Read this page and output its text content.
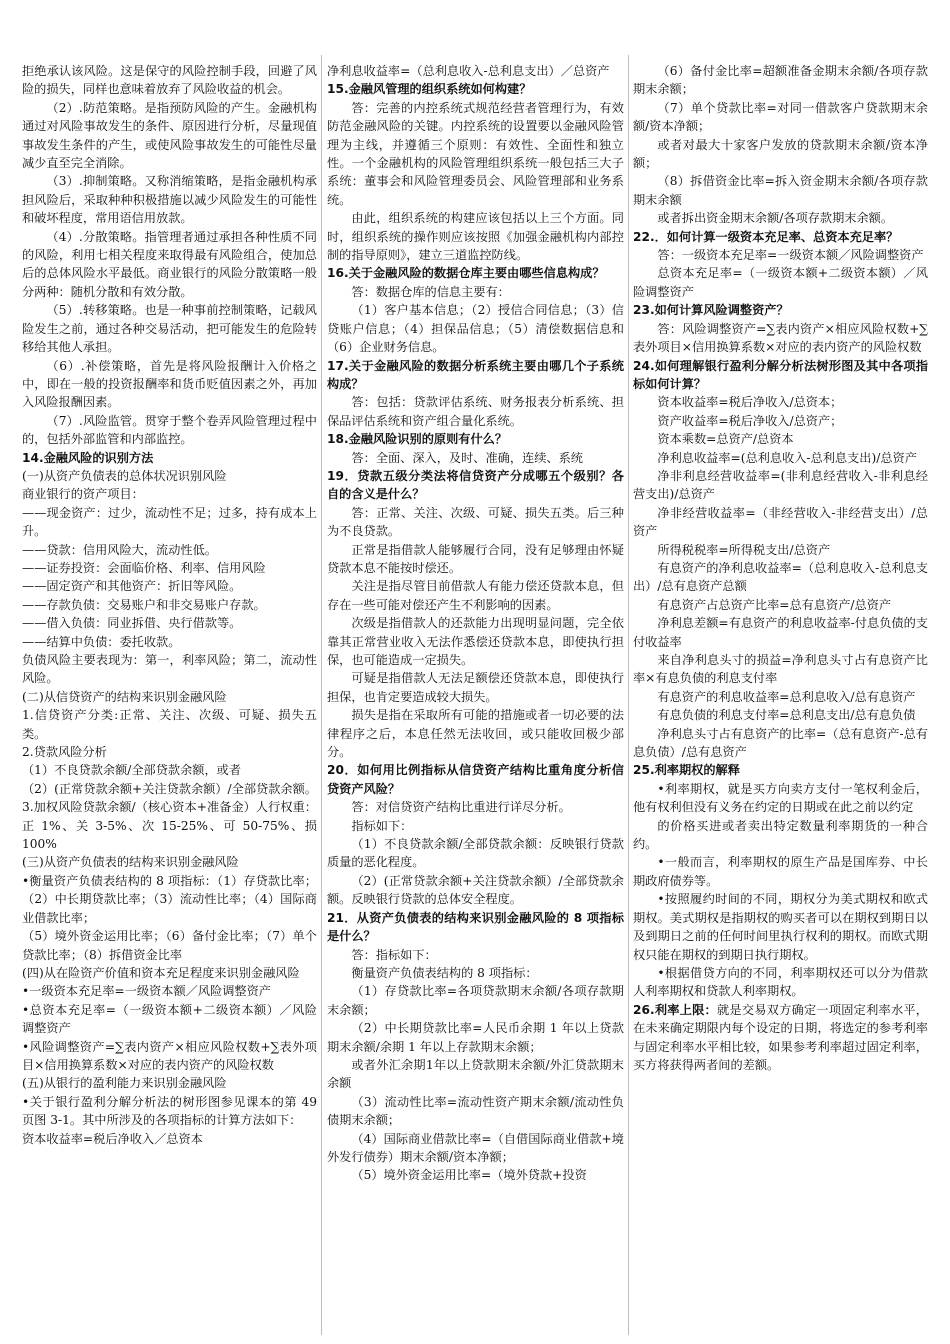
拒绝承认该风险。这是保守的风险控制手段，回避了风险的损失，同样也意味着放弃了风险收益的机会。
（2）.防范策略。是指预防风险的产生。金融机构通过对风险事故发生的条件、原因进行分析，尽量现值事故发生条件的产生，或使风险事故发生的可能性尽量减少直至完全消除。
（3）.抑制策略。又称消缩策略，是指金融机构承担风险后，采取种种积极措施以减少风险发生的可能性和破坏程度，常用语信用放款。
（4）.分散策略。指管理者通过承担各种性质不同的风险，利用七相关程度来取得最有风险组合，使加总后的总体风险水平最低。商业银行的风险分散策略一般分两种：随机分散和有效分散。
（5）.转移策略。也是一种事前控制策略，记载风险发生之前，通过各种交易活动，把可能发生的危险转移给其他人承担。
（6）.补偿策略，首先是将风险报酬计入价格之中，即在一般的投资报酬率和货币贬值因素之外，再加入风险报酬因素。
（7）.风险监管。贯穿于整个卷弄风险管理过程中的，包括外部监管和内部监控。
14.金融风险的识别方法
(一)从资产负债表的总体状况识别风险
商业银行的资产项目：
——现金资产：过少，流动性不足；过多，持有成本上升。
——贷款：信用风险大，流动性低。
——证券投资：会面临价格、利率、信用风险
——固定资产和其他资产：折旧等风险。
——存款负债：交易账户和非交易账户存款。
——借入负债：同业拆借、央行借款等。
——结算中负债：委托收款。
负债风险主要表现为：第一，利率风险；第二，流动性风险。
(二)从信贷资产的结构来识别金融风险
1.信贷资产分类:正常、关注、次级、可疑、损失五类。
2.贷款风险分析
（1）不良贷款余额/全部贷款余额，或者
（2）(正常贷款余额+关注贷款余额）/全部贷款余额。
3.加权风险贷款余额/（核心资本+准备金）人行权重：正 1%、关 3-5%、次 15-25%、可 50-75%、损 100%
(三)从资产负债表的结构来识别金融风险
•衡量资产负债表结构的 8 项指标：（1）存贷款比率；（2）中长期贷款比率；（3）流动性比率；（4）国际商业借款比率；
（5）境外资金运用比率；（6）备付金比率；（7）单个贷款比率；（8）拆借资金比率
(四)从在险资产价值和资本充足程度来识别金融风险
•一级资本充足率=一级资本额／风险调整资产
•总资本充足率=（一级资本额+二级资本额）／风险调整资产
•风险调整资产=∑表内资产×相应风险权数+∑表外项目×信用换算系数×对应的表内资产的风险权数
(五)从银行的盈利能力来识别金融风险
•关于银行盈利分解分析法的树形图参见课本的第 49 页图 3-1。其中所涉及的各项指标的计算方法如下：
资本收益率=税后净收入／总资本
净利息收益率=（总利息收入-总利息支出）／总资产
15.金融风管理的组织系统如何构建？
答：完善的内控系统式规范经营者管理行为，有效防范金融风险的关键。内控系统的设置要以金融风险管理为主线，并遵循三个原则：有效性、全面性和独立性。一个金融机构的风险管理组织系统一般包括三大子系统：董事会和风险管理委员会、风险管理部和业务系统。
由此，组织系统的构建应该包括以上三个方面。同时，组织系统的操作则应该按照《加强金融机构内部控制的指导原则》，建立三道监控防线。
16.关于金融风险的数据仓库主要由哪些信息构成？
答：数据仓库的信息主要有：
（1）客户基本信息；（2）授信合同信息；（3）信贷账户信息；（4）担保品信息；（5）清偿数据信息和（6）企业财务信息。
17.关于金融风险的数据分析系统主要由哪几个子系统构成？
答：包括：贷款评估系统、财务报表分析系统、担保品评估系统和资产组合量化系统。
18.金融风险识别的原则有什么？
答：全面、深入，及时、准确，连续、系统
19．贷款五级分类法将信贷资产分成哪五个级别？各自的含义是什么？
答：正常、关注、次级、可疑、损失五类。后三种为不良贷款。
正常是指借款人能够履行合同，没有足够理由怀疑贷款本息不能按时偿还。
关注是指尽管目前借款人有能力偿还贷款本息，但存在一些可能对偿还产生不利影响的因素。
次级是指借款人的还款能力出现明显问题，完全依靠其正常营业收入无法作悉偿还贷款本息，即使执行担保，也可能造成一定损失。
可疑是指借款人无法足额偿还贷款本息，即使执行担保，也肯定要造成较大损失。
损失是指在采取所有可能的措施或者一切必要的法律程序之后，本息任然无法收回，或只能收回极少部分。
20．如何用比例指标从信贷资产结构比重角度分析信贷资产风险？
答：对信贷资产结构比重进行详尽分析。
指标如下：
（1）不良贷款余额/全部贷款余额：反映银行贷款质量的恶化程度。
（2）(正常贷款余额+关注贷款余额）/全部贷款余额。反映银行贷款的总体安全程度。
21．从资产负债表的结构来识别金融风险的 8 项指标是什么？
答：指标如下：
衡量资产负债表结构的 8 项指标：
（1）存贷款比率=各项贷款期末余额/各项存款期末余额；
（2）中长期贷款比率=人民币余期 1 年以上贷款期末余额/余期 1 年以上存款期末余额；
或者外汇余期1年以上贷款期末余额/外汇贷款期末余额
（3）流动性比率=流动性资产期末余额/流动性负债期末余额；
（4）国际商业借款比率=（自借国际商业借款+境外发行债券）期末余额/资本净额；
（5）境外资金运用比率=（境外贷款+投资
（6）备付金比率=超额准备金期末余额/各项存款期末余额；
（7）单个贷款比率=对同一借款客户贷款期末余额/资本净额；
或者对最大十家客户发放的贷款期末余额/资本净额；
（8）拆借资金比率=拆入资金期末余额/各项存款期末余额
或者拆出资金期末余额/各项存款期末余额。
22.．如何计算一级资本充足率、总资本充足率？
答：一级资本充足率=一级资本额／风险调整资产
总资本充足率=（一级资本额+二级资本额）／风险调整资产
23.如何计算风险调整资产？
答：风险调整资产=∑表内资产×相应风险权数+∑表外项目×信用换算系数×对应的表内资产的风险权数
24.如何理解银行盈利分解分析法树形图及其中各项指标如何计算？
资本收益率=税后净收入/总资本；
资产收益率=税后净收入/总资产；
资本乘数=总资产/总资本
净利息收益率=(总利息收入-总利息支出)/总资产
净非利息经营收益率=(非利息经营收入-非利息经营支出)/总资产
净非经营收益率=（非经营收入-非经营支出）/总资产
所得税税率=所得税支出/总资产
有息资产的净利息收益率=（总利息收入-总利息支出）/总有息资产总额
有息资产占总资产比率=总有息资产/总资产
净利息差额=有息资产的利息收益率-付息负债的支付收益率
来自净利息头寸的损益=净利息头寸占有息资产比率×有息负债的利息支付率
有息资产的利息收益率=总利息收入/总有息资产
有息负债的利息支付率=总利息支出/总有息负债
净利息头寸占有息资产的比率=（总有息资产-总有息负债）/总有息资产
25.利率期权的解释
•利率期权，就是买方向卖方支付一笔权利金后，他有权利但没有义务在约定的日期或在此之前以约定
的价格买进或者卖出特定数量利率期货的一种合约。
•一般而言，利率期权的原生产品是国库券、中长期政府债券等。
•按照履约时间的不同，期权分为美式期权和欧式期权。美式期权是指期权的购买者可以在期权到期日以及到期日之前的任何时间里执行权利的期权。而欧式期权只能在期权的到期日执行期权。
•根据借贷方向的不同，利率期权还可以分为借款人利率期权和贷款人利率期权。
26.利率上限：就是交易双方确定一项固定利率水平，在未来确定期限内每个设定的日期，将选定的参考利率与固定利率水平相比较，如果参考利率超过固定利率，买方将获得两者间的差额。
